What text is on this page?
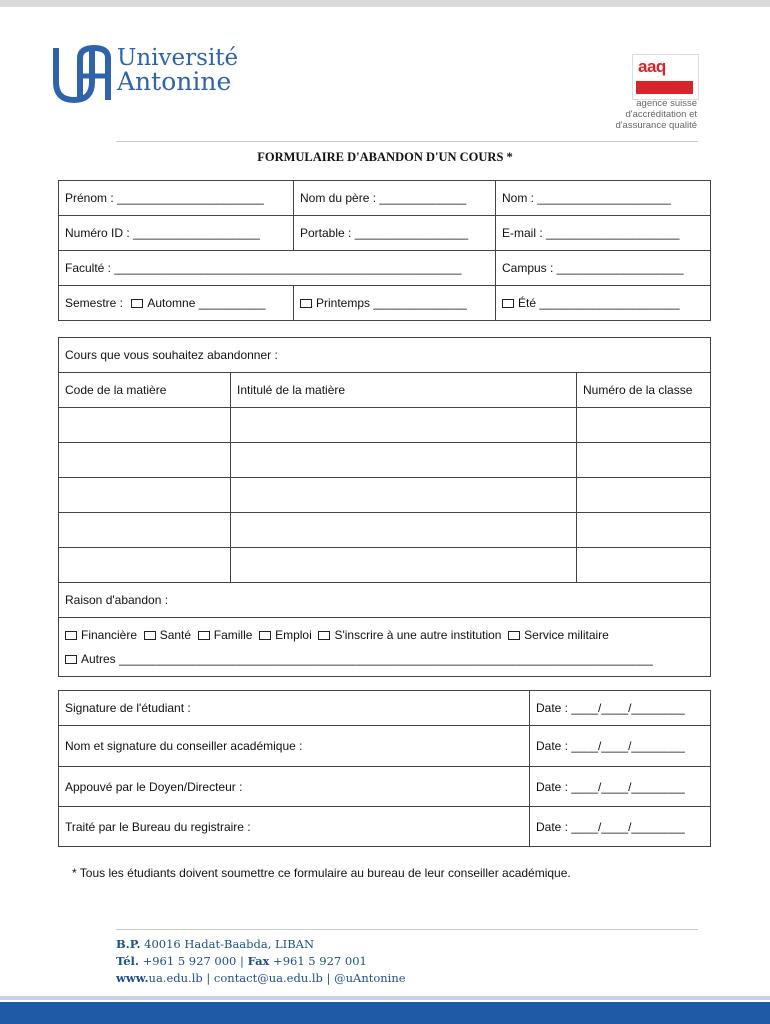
Université
Antonine
aaq
agence suisse
d'accréditation et
d'assurance qualité
FORMULAIRE D'ABANDON D'UN COURS *
Prénom : ______________________	Nom du père : _____________	Nom : ____________________
Numéro ID : ___________________	Portable : _________________	E-mail : ____________________
Faculté : ____________________________________________________		Campus : ___________________
Semestre : Automne __________	Printemps ______________	Été _____________________
Cours que vous souhaitez abandonner :		
Code de la matière	Intitulé de la matière	Numéro de la classe

Raison d'abandon :		
Financière Santé Famille Emploi S'inscrire à une autre institution Service militaire
Autres ________________________________________________________________________________		
Signature de l'étudiant :	Date : ____/____/________
Nom et signature du conseiller académique :	Date : ____/____/________
Appouvé par le Doyen/Directeur :	Date : ____/____/________
Traité par le Bureau du registraire :	Date : ____/____/________
* Tous les étudiants doivent soumettre ce formulaire au bureau de leur conseiller académique.
B.P. 40016 Hadat-Baabda, LIBAN
Tél. +961 5 927 000 | Fax +961 5 927 001
www.ua.edu.lb | contact@ua.edu.lb | @uAntonine
